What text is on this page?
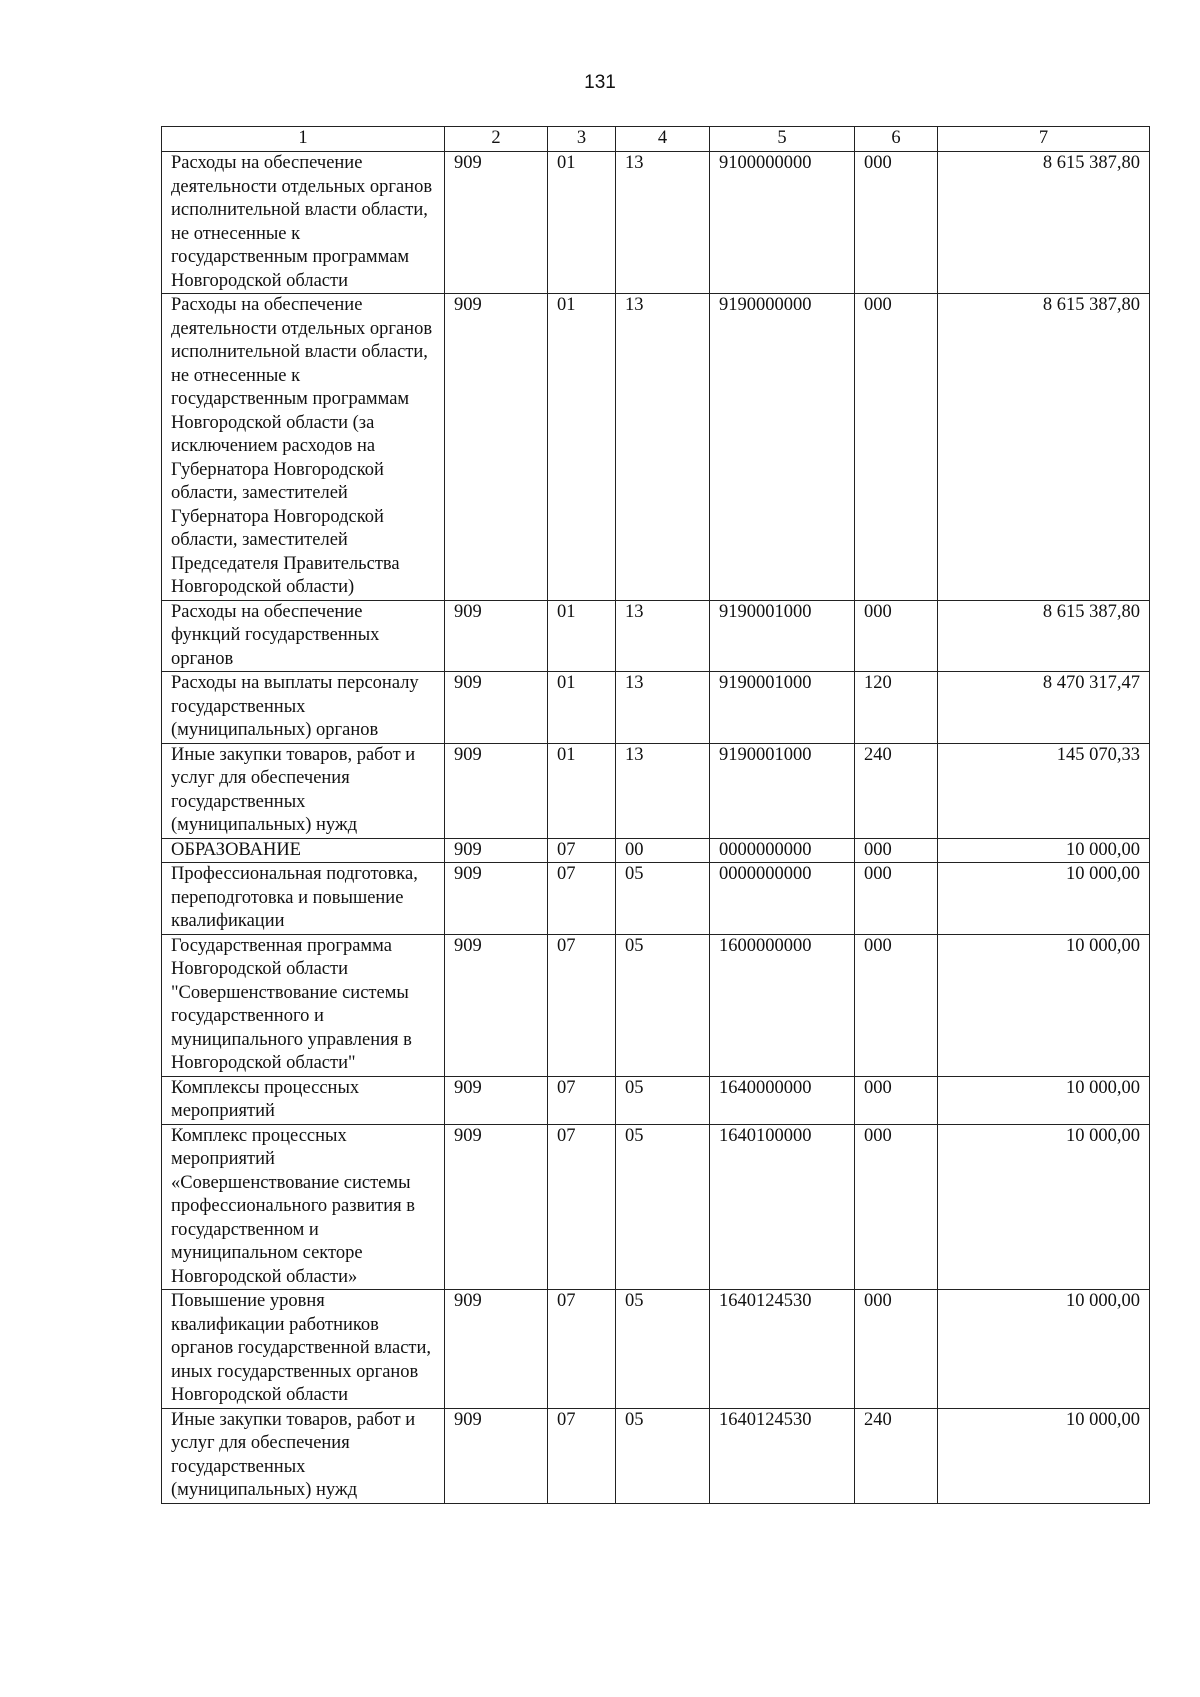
131
1	2	3	4	5	6	7
Расходы на обеспечение деятельности отдельных органов исполнительной власти области, не отнесенные к государственным программам Новгородской области	909	01	13	9100000000	000	8 615 387,80
Расходы на обеспечение деятельности отдельных органов исполнительной власти области, не отнесенные к государственным программам Новгородской области (за исключением расходов на Губернатора Новгородской области, заместителей Губернатора Новгородской области, заместителей Председателя Правительства Новгородской области)	909	01	13	9190000000	000	8 615 387,80
Расходы на обеспечение функций государственных органов	909	01	13	9190001000	000	8 615 387,80
Расходы на выплаты персоналу государственных (муниципальных) органов	909	01	13	9190001000	120	8 470 317,47
Иные закупки товаров, работ и услуг для обеспечения государственных (муниципальных) нужд	909	01	13	9190001000	240	145 070,33
ОБРАЗОВАНИЕ	909	07	00	0000000000	000	10 000,00
Профессиональная подготовка, переподготовка и повышение квалификации	909	07	05	0000000000	000	10 000,00
Государственная программа Новгородской области "Совершенствование системы государственного и муниципального управления в Новгородской области"	909	07	05	1600000000	000	10 000,00
Комплексы процессных мероприятий	909	07	05	1640000000	000	10 000,00
Комплекс процессных мероприятий «Совершенствование системы профессионального развития в государственном и муниципальном секторе Новгородской области»	909	07	05	1640100000	000	10 000,00
Повышение уровня квалификации работников органов государственной власти, иных государственных органов Новгородской области	909	07	05	1640124530	000	10 000,00
Иные закупки товаров, работ и услуг для обеспечения государственных (муниципальных) нужд	909	07	05	1640124530	240	10 000,00
